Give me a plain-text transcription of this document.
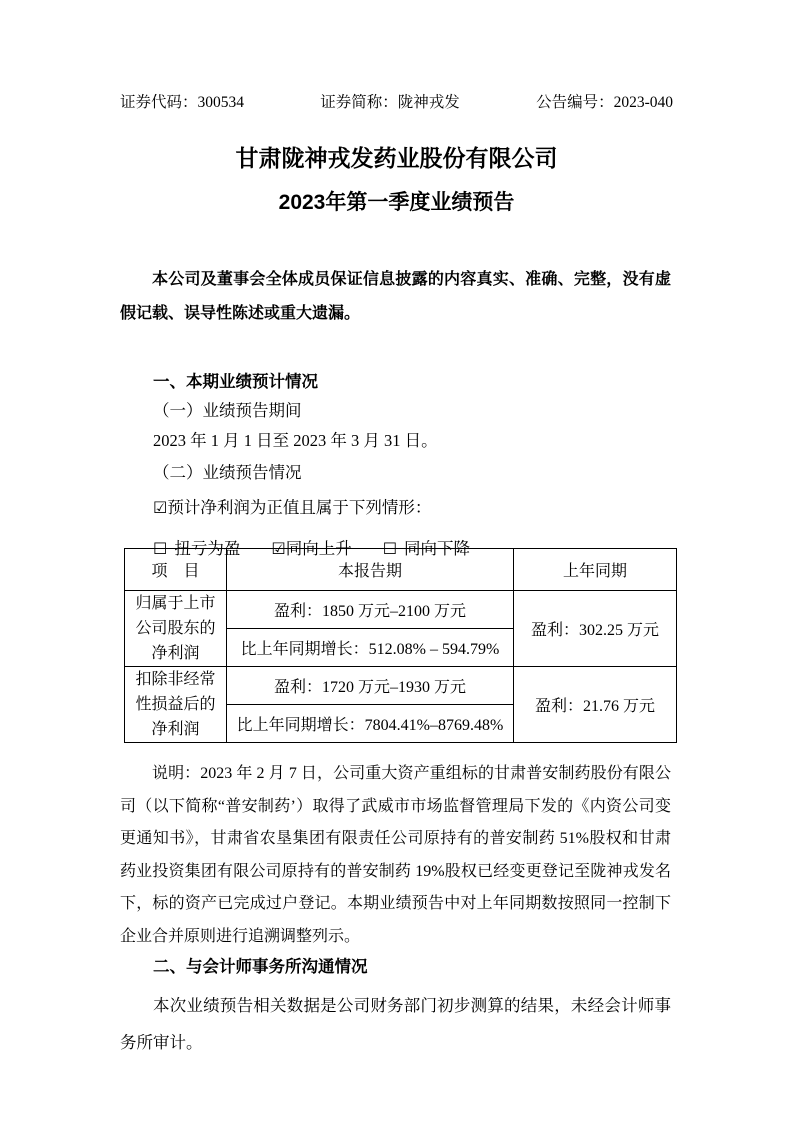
证券代码：300534	证券简称：陇神戎发	公告编号：2023-040
甘肃陇神戎发药业股份有限公司
2023年第一季度业绩预告

本公司及董事会全体成员保证信息披露的内容真实、准确、完整，没有虚假记载、误导性陈述或重大遗漏。

一、本期业绩预计情况

（一）业绩预告期间

2023 年 1 月 1 日至 2023 年 3 月 31 日。

（二）业绩预告情况

☑预计净利润为正值且属于下列情形：

☐ 扭亏为盈 ☑同向上升 ☐ 同向下降

项　目	本报告期	上年同期
归属于上市公司股东的净利润	盈利：1850 万元–2100 万元	盈利：302.25 万元
	比上年同期增长：512.08% – 594.79%	
扣除非经常性损益后的净利润	盈利：1720 万元–1930 万元	盈利：21.76 万元
	比上年同期增长：7804.41%–8769.48%	

说明：2023 年 2 月 7 日，公司重大资产重组标的甘肃普安制药股份有限公司（以下简称“普安制药’）取得了武威市市场监督管理局下发的《内资公司变更通知书》，甘肃省农垦集团有限责任公司原持有的普安制药 51%股权和甘肃药业投资集团有限公司原持有的普安制药 19%股权已经变更登记至陇神戎发名下，标的资产已完成过户登记。本期业绩预告中对上年同期数按照同一控制下企业合并原则进行追溯调整列示。

二、与会计师事务所沟通情况

本次业绩预告相关数据是公司财务部门初步测算的结果，未经会计师事务所审计。
